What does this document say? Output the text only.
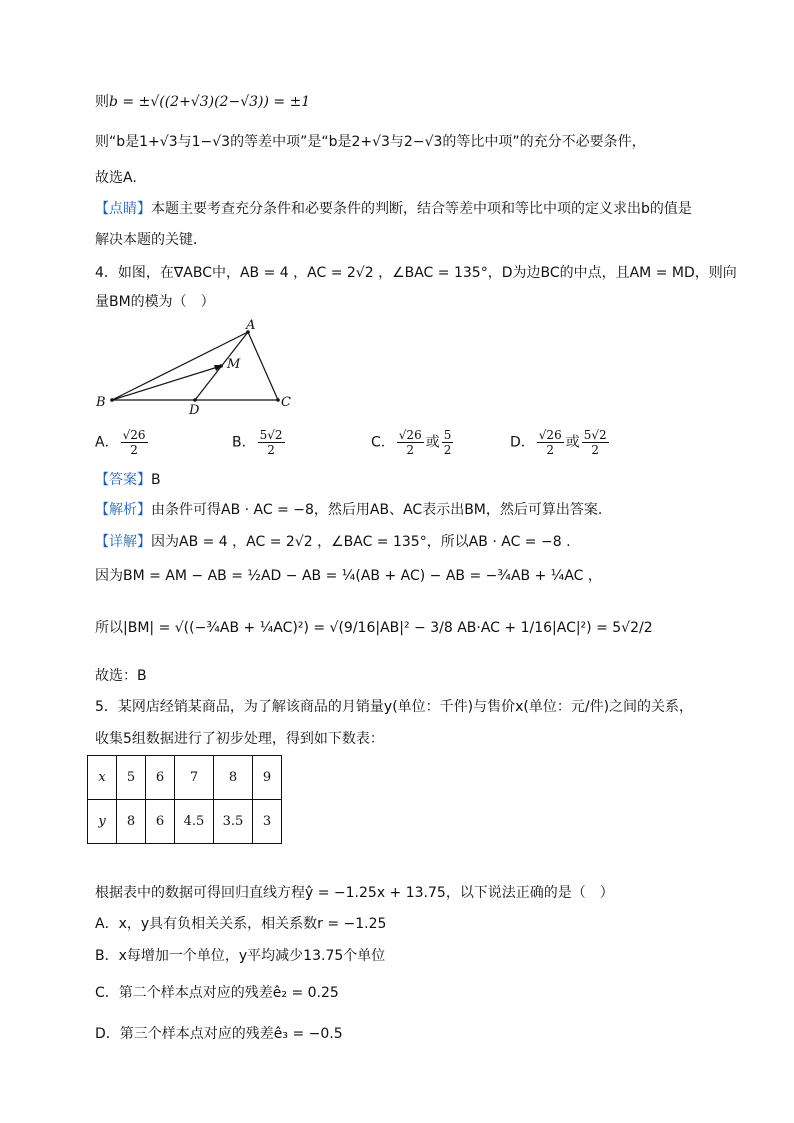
则b = ±√((2+√3)(2−√3)) = ±1
则“b是1+√3与1−√3的等差中项”是“b是2+√3与2−√3的等比中项”的充分不必要条件，
故选A.
【点睛】本题主要考查充分条件和必要条件的判断，结合等差中项和等比中项的定义求出b的值是
解决本题的关键．
4．如图，在∇ABC中，AB = 4 ，AC = 2√2 ，∠BAC = 135°，D为边BC的中点，且AM = MD，则向
量BM的模为（　）
A
M
B
D
C
A． $\frac{√26}{2}$	B． $\frac{5√2}{2}$	C． $\frac{√26}{2}$ 或 $\frac{5}{2}$	D． $\frac{√26}{2}$ 或 $\frac{5√2}{2}$
【答案】B
【解析】由条件可得AB · AC = −8，然后用AB、AC表示出BM，然后可算出答案.
【详解】因为AB = 4 ，AC = 2√2 ，∠BAC = 135°，所以AB · AC = −8 .
因为BM = AM − AB = ½AD − AB = ¼(AB + AC) − AB = −¾AB + ¼AC ，
所以|BM| = √((−¾AB + ¼AC)²) = √(9/16|AB|² − 3/8 AB·AC + 1/16|AC|²) = 5√2/2
故选：B
5．某网店经销某商品，为了解该商品的月销量y(单位：千件)与售价x(单位：元/件)之间的关系，
收集5组数据进行了初步处理，得到如下数表：
x	5	6	7	8	9
y	8	6	4.5	3.5	3
根据表中的数据可得回归直线方程ŷ = −1.25x + 13.75，以下说法正确的是（　）
A．x，y具有负相关关系，相关系数r = −1.25
B．x每增加一个单位，y平均减少13.75个单位
C．第二个样本点对应的残差ê₂ = 0.25
D．第三个样本点对应的残差ê₃ = −0.5
